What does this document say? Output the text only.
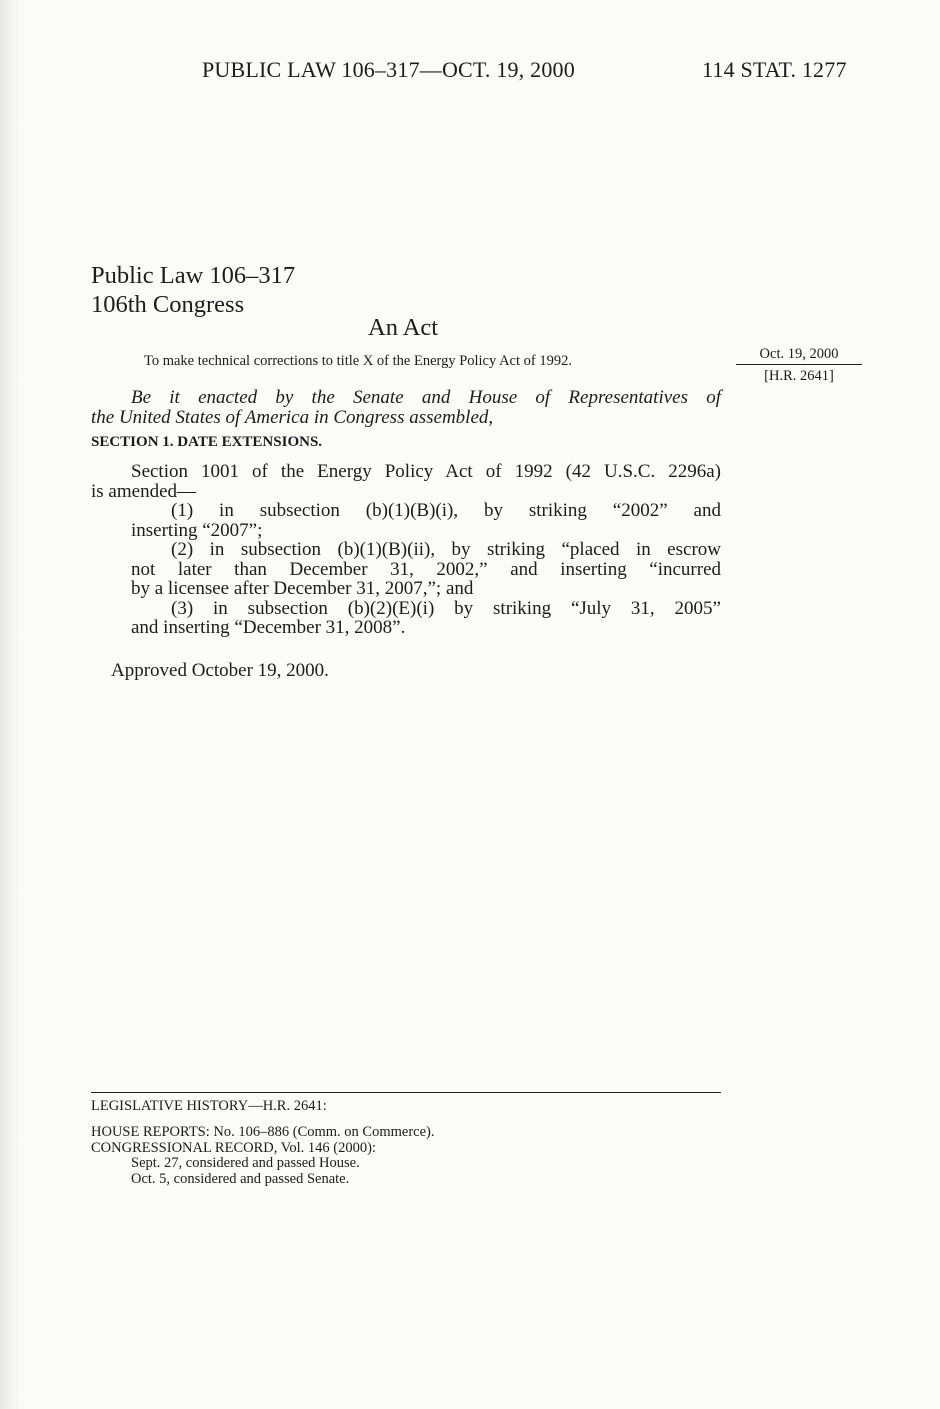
PUBLIC LAW 106–317—OCT. 19, 2000	114 STAT. 1277
Public Law 106–317
106th Congress
An Act
To make technical corrections to title X of the Energy Policy Act of 1992.	Oct. 19, 2000
[H.R. 2641]
Be it enacted by the Senate and House of Representatives of
the United States of America in Congress assembled,
SECTION 1. DATE EXTENSIONS.
Section 1001 of the Energy Policy Act of 1992 (42 U.S.C. 2296a)
is amended—
(1) in subsection (b)(1)(B)(i), by striking “2002” and
inserting “2007”;
(2) in subsection (b)(1)(B)(ii), by striking “placed in escrow
not later than December 31, 2002,” and inserting “incurred
by a licensee after December 31, 2007,”; and
(3) in subsection (b)(2)(E)(i) by striking “July 31, 2005”
and inserting “December 31, 2008”.
Approved October 19, 2000.
LEGISLATIVE HISTORY—H.R. 2641:
HOUSE REPORTS: No. 106–886 (Comm. on Commerce).
CONGRESSIONAL RECORD, Vol. 146 (2000):
Sept. 27, considered and passed House.
Oct. 5, considered and passed Senate.
